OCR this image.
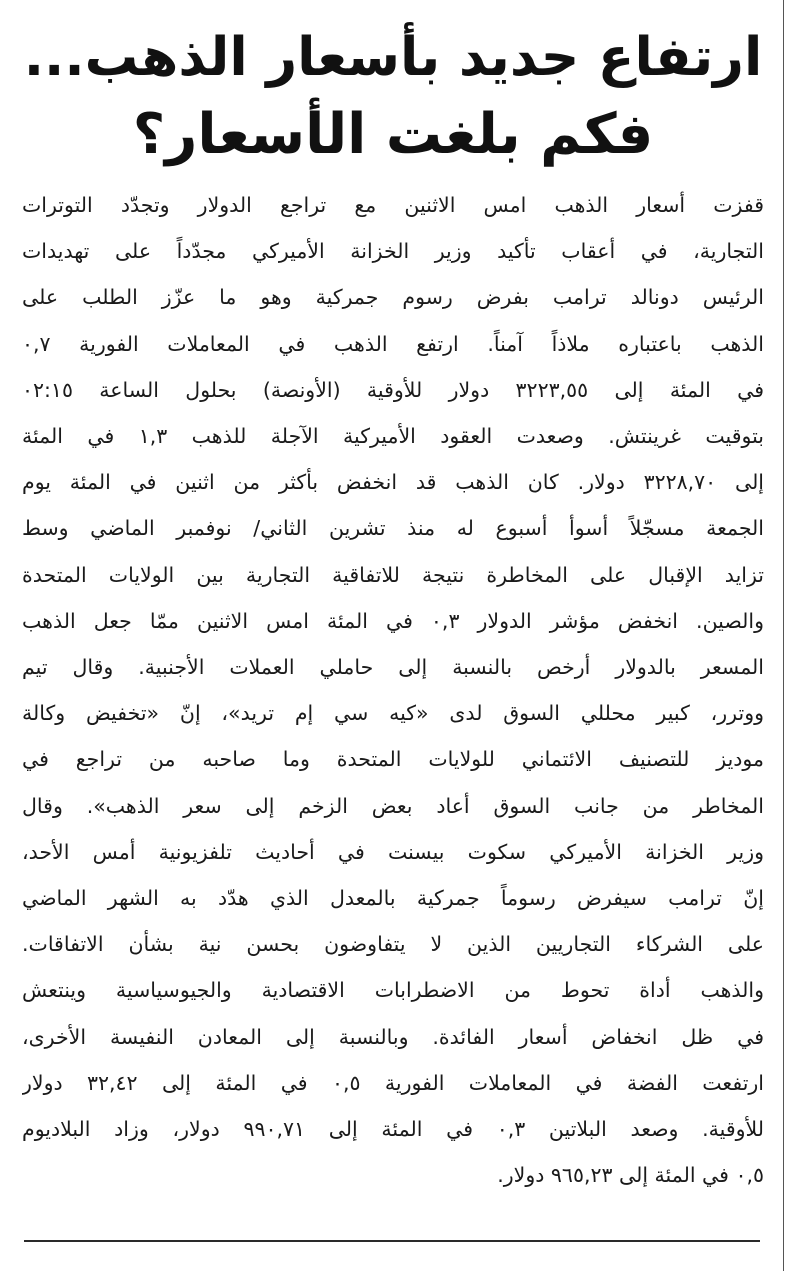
ارتفاع جديد بأسعار الذهب...
فكم بلغت الأسعار؟
قفزت أسعار الذهب امس الاثنين مع تراجع الدولار وتجدّد التوترات
التجارية، في أعقاب تأكيد وزير الخزانة الأميركي مجدّداً على تهديدات
الرئيس دونالد ترامب بفرض رسوم جمركية وهو ما عزّز الطلب على
الذهب باعتباره ملاذاً آمناً. ارتفع الذهب في المعاملات الفورية ٠,٧
في المئة إلى ٣٢٢٣,٥٥ دولار للأوقية (الأونصة) بحلول الساعة ٠٢:١٥
بتوقيت غرينتش. وصعدت العقود الأميركية الآجلة للذهب ١,٣ في المئة
إلى ٣٢٢٨,٧٠ دولار. كان الذهب قد انخفض بأكثر من اثنين في المئة يوم
الجمعة مسجّلاً أسوأ أسبوع له منذ تشرين الثاني/ نوفمبر الماضي وسط
تزايد الإقبال على المخاطرة نتيجة للاتفاقية التجارية بين الولايات المتحدة
والصين. انخفض مؤشر الدولار ٠,٣ في المئة امس الاثنين ممّا جعل الذهب
المسعر بالدولار أرخص بالنسبة إلى حاملي العملات الأجنبية. وقال تيم
ووترر، كبير محللي السوق لدى «كيه سي إم تريد»، إنّ «تخفيض وكالة
موديز للتصنيف الائتماني للولايات المتحدة وما صاحبه من تراجع في
المخاطر من جانب السوق أعاد بعض الزخم إلى سعر الذهب». وقال
وزير الخزانة الأميركي سكوت بيسنت في أحاديث تلفزيونية أمس الأحد،
إنّ ترامب سيفرض رسوماً جمركية بالمعدل الذي هدّد به الشهر الماضي
على الشركاء التجاريين الذين لا يتفاوضون بحسن نية بشأن الاتفاقات.
والذهب أداة تحوط من الاضطرابات الاقتصادية والجيوسياسية وينتعش
في ظل انخفاض أسعار الفائدة. وبالنسبة إلى المعادن النفيسة الأخرى،
ارتفعت الفضة في المعاملات الفورية ٠,٥ في المئة إلى ٣٢,٤٢ دولار
للأوقية. وصعد البلاتين ٠,٣ في المئة إلى ٩٩٠,٧١ دولار، وزاد البلاديوم
٠,٥ في المئة إلى ٩٦٥,٢٣ دولار.
